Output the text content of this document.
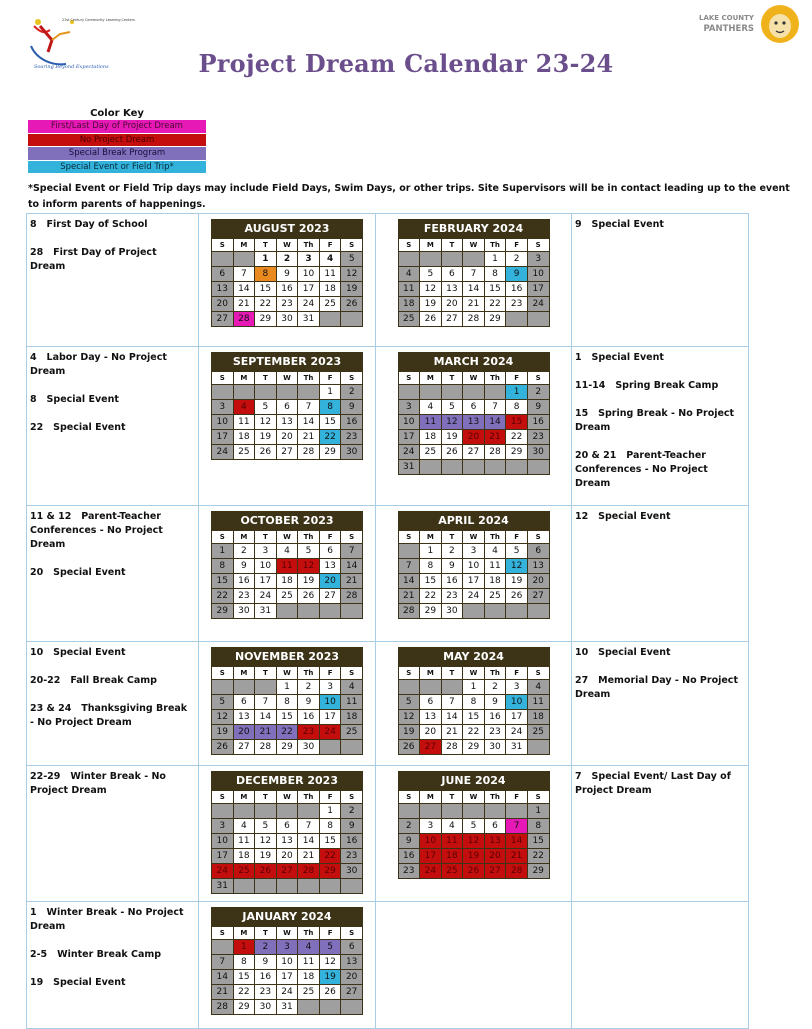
21st Century Community Learning Centers
Soaring Beyond Expectations
LAKE COUNTY
PANTHERS
Project Dream Calendar 23-24
Color Key
First/Last Day of Project Dream
No Project Dream
Special Break Program
Special Event or Field Trip*
*Special Event or Field Trip days may include Field Days, Swim Days, or other trips. Site Supervisors will be in contact leading up to the event to inform parents of happenings.
8   First Day of School
28   First Day of Project Dream

AUGUST 2023
S	M	T	W	Th	F	S
		1	2	3	4	5
6	7	8	9	10	11	12
13	14	15	16	17	18	19
20	21	22	23	24	25	26
27	28	29	30	31		

FEBRUARY 2024
S	M	T	W	Th	F	S
				1	2	3
4	5	6	7	8	9	10
11	12	13	14	15	16	17
18	19	20	21	22	23	24
25	26	27	28	29		

9   Special Event

4   Labor Day - No Project Dream
8   Special Event
22   Special Event

SEPTEMBER 2023
S	M	T	W	Th	F	S
					1	2
3	4	5	6	7	8	9
10	11	12	13	14	15	16
17	18	19	20	21	22	23
24	25	26	27	28	29	30

MARCH 2024
S	M	T	W	Th	F	S
					1	2
3	4	5	6	7	8	9
10	11	12	13	14	15	16
17	18	19	20	21	22	23
24	25	26	27	28	29	30
31						

1   Special Event
11-14   Spring Break Camp
15   Spring Break - No Project Dream
20 & 21   Parent-Teacher Conferences - No Project Dream

11 & 12   Parent-Teacher Conferences - No Project Dream
20   Special Event

OCTOBER 2023
S	M	T	W	Th	F	S
1	2	3	4	5	6	7
8	9	10	11	12	13	14
15	16	17	18	19	20	21
22	23	24	25	26	27	28
29	30	31				

APRIL 2024
S	M	T	W	Th	F	S
	1	2	3	4	5	6
7	8	9	10	11	12	13
14	15	16	17	18	19	20
21	22	23	24	25	26	27
28	29	30				

12   Special Event

10   Special Event
20-22   Fall Break Camp
23 & 24   Thanksgiving Break - No Project Dream

NOVEMBER 2023
S	M	T	W	Th	F	S
			1	2	3	4
5	6	7	8	9	10	11
12	13	14	15	16	17	18
19	20	21	22	23	24	25
26	27	28	29	30		

MAY 2024
S	M	T	W	Th	F	S
			1	2	3	4
5	6	7	8	9	10	11
12	13	14	15	16	17	18
19	20	21	22	23	24	25
26	27	28	29	30	31	

10   Special Event
27   Memorial Day - No Project Dream

22-29   Winter Break - No Project Dream

DECEMBER 2023
S	M	T	W	Th	F	S
					1	2
3	4	5	6	7	8	9
10	11	12	13	14	15	16
17	18	19	20	21	22	23
24	25	26	27	28	29	30
31						

JUNE 2024
S	M	T	W	Th	F	S
						1
2	3	4	5	6	7	8
9	10	11	12	13	14	15
16	17	18	19	20	21	22
23	24	25	26	27	28	29

7   Special Event/ Last Day of Project Dream

1   Winter Break - No Project Dream
2-5   Winter Break Camp
19   Special Event

JANUARY 2024
S	M	T	W	Th	F	S
	1	2	3	4	5	6
7	8	9	10	11	12	13
14	15	16	17	18	19	20
21	22	23	24	25	26	27
28	29	30	31			
